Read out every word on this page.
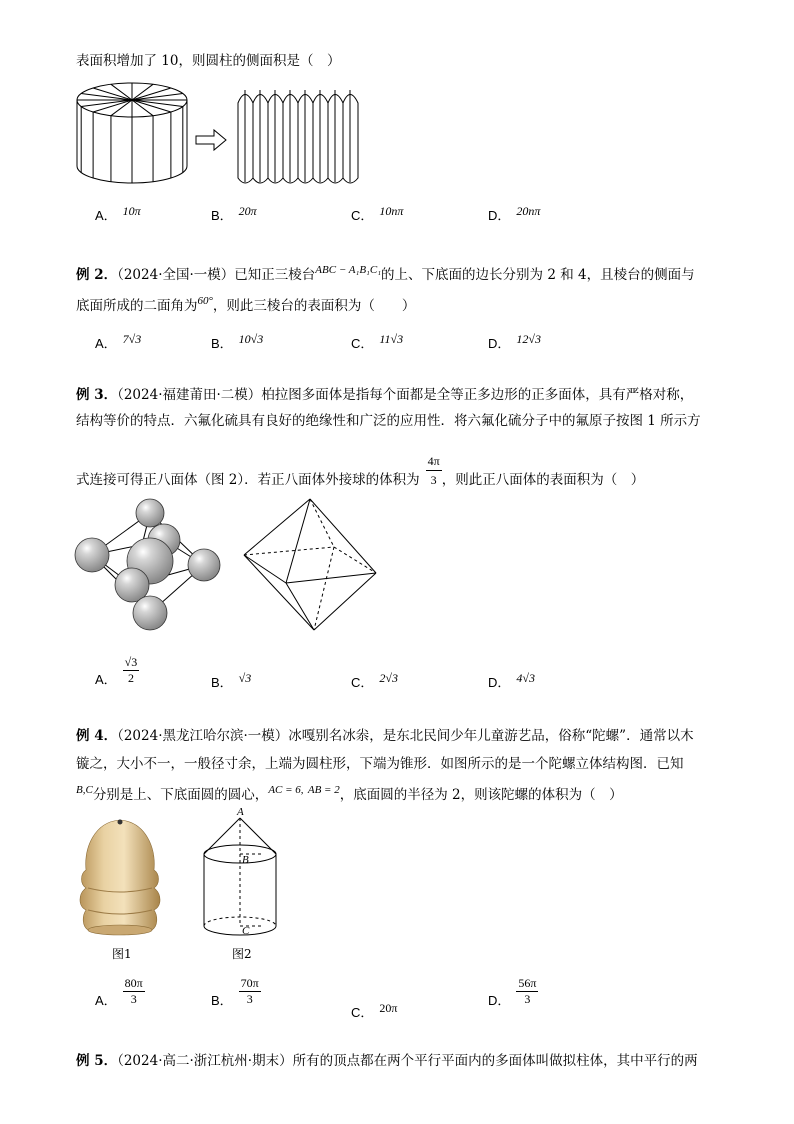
表面积增加了 10，则圆柱的侧面积是（　）
A． 10π	B． 20π	C． 10nπ	D． 20nπ
例 2．（2024·全国·一模）已知正三棱台$^{ABC - A_1B_1C_1}$的上、下底面的边长分别为 2 和 4，且棱台的侧面与
底面所成的二面角为$^{60^\circ}$，则此三棱台的表面积为（　　）
A． 7√3	B． 10√3	C． 11√3	D． 12√3
例 3．（2024·福建莆田·二模）柏拉图多面体是指每个面都是全等正多边形的正多面体，具有严格对称，
结构等价的特点．六氟化硫具有良好的绝缘性和广泛的应用性．将六氟化硫分子中的氟原子按图 1 所示方
式连接可得正八面体（图 2）．若正八面体外接球的体积为 $\frac{4\pi}{3}$ ，则此正八面体的表面积为（　）
A． $\frac{√3}{2}$	B． √3	C． 2√3	D． 4√3
例 4．（2024·黑龙江哈尔滨·一模）冰嘎别名冰尜，是东北民间少年儿童游艺品，俗称“陀螺”．通常以木
镟之，大小不一，一般径寸余，上端为圆柱形，下端为锥形．如图所示的是一个陀螺立体结构图．已知
$^{B,C}$分别是上、下底面圆的圆心，$^{AC = 6,}$ $^{AB = 2}$，底面圆的半径为 2，则该陀螺的体积为（　）
图1
A
B
C
图2
A． $\frac{80\pi}{3}$	B． $\frac{70\pi}{3}$
C． 20π	D． $\frac{56\pi}{3}$
例 5．（2024·高二·浙江杭州·期末）所有的顶点都在两个平行平面内的多面体叫做拟柱体，其中平行的两
